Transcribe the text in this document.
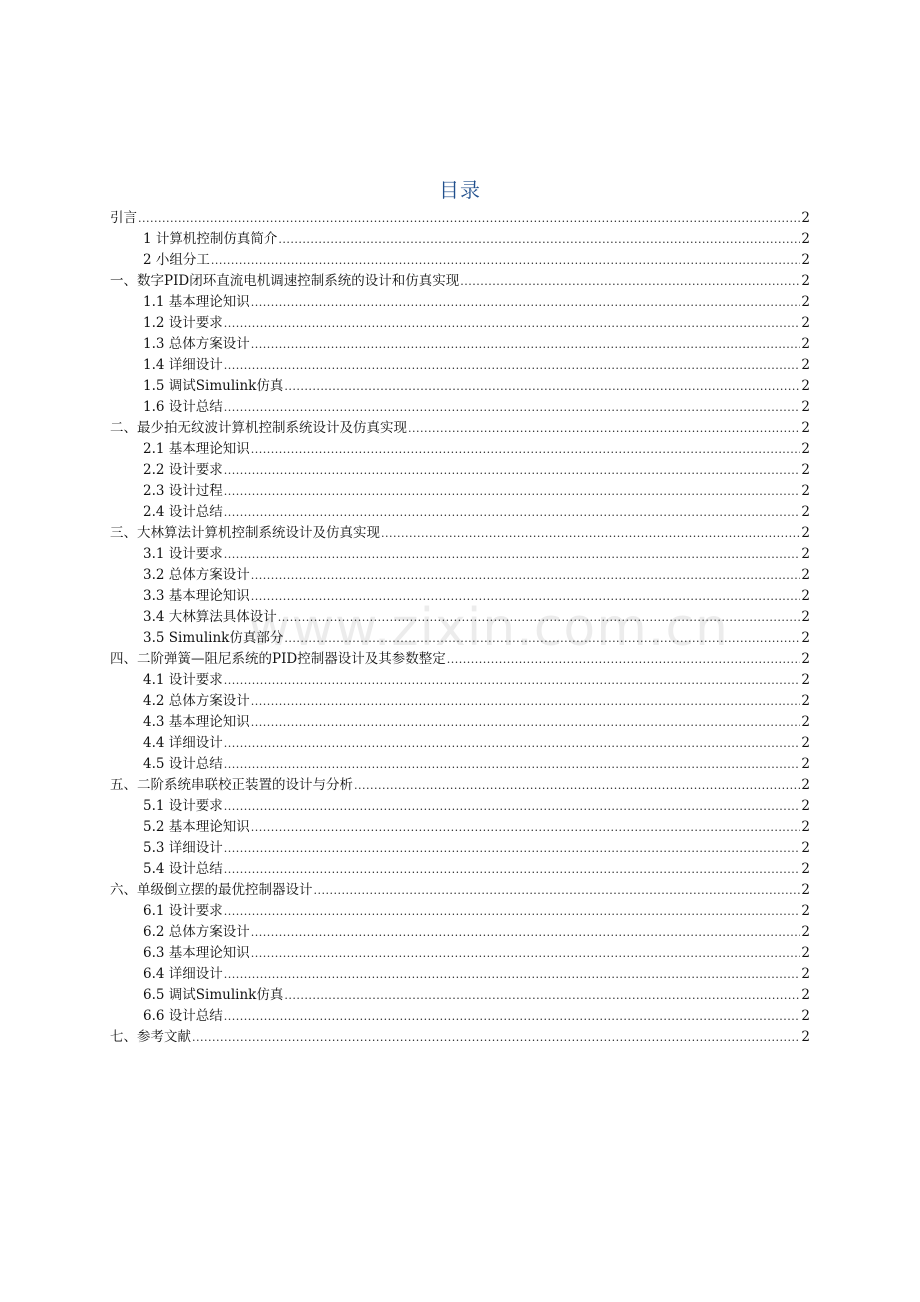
目录
引言 .....	2
1 计算机控制仿真简介 .....	2
2 小组分工 .....	2
一、数字PID闭环直流电机调速控制系统的设计和仿真实现 .....	2
1.1 基本理论知识 .....	2
1.2 设计要求 .....	2
1.3 总体方案设计 .....	2
1.4 详细设计 .....	2
1.5 调试Simulink仿真 .....	2
1.6 设计总结 .....	2
二、最少拍无纹波计算机控制系统设计及仿真实现 .....	2
2.1 基本理论知识 .....	2
2.2 设计要求 .....	2
2.3 设计过程 .....	2
2.4 设计总结 .....	2
三、大林算法计算机控制系统设计及仿真实现 .....	2
3.1 设计要求 .....	2
3.2 总体方案设计 .....	2
3.3 基本理论知识 .....	2
3.4 大林算法具体设计 .....	2
3.5 Simulink仿真部分 .....	2
四、二阶弹簧—阻尼系统的PID控制器设计及其参数整定 .....	2
4.1 设计要求 .....	2
4.2 总体方案设计 .....	2
4.3 基本理论知识 .....	2
4.4 详细设计 .....	2
4.5 设计总结 .....	2
五、二阶系统串联校正装置的设计与分析 .....	2
5.1 设计要求 .....	2
5.2 基本理论知识 .....	2
5.3 详细设计 .....	2
5.4 设计总结 .....	2
六、单级倒立摆的最优控制器设计 .....	2
6.1 设计要求 .....	2
6.2 总体方案设计 .....	2
6.3 基本理论知识 .....	2
6.4 详细设计 .....	2
6.5 调试Simulink仿真 .....	2
6.6 设计总结 .....	2
七、参考文献 .....	2
www.zixin.com.cn
